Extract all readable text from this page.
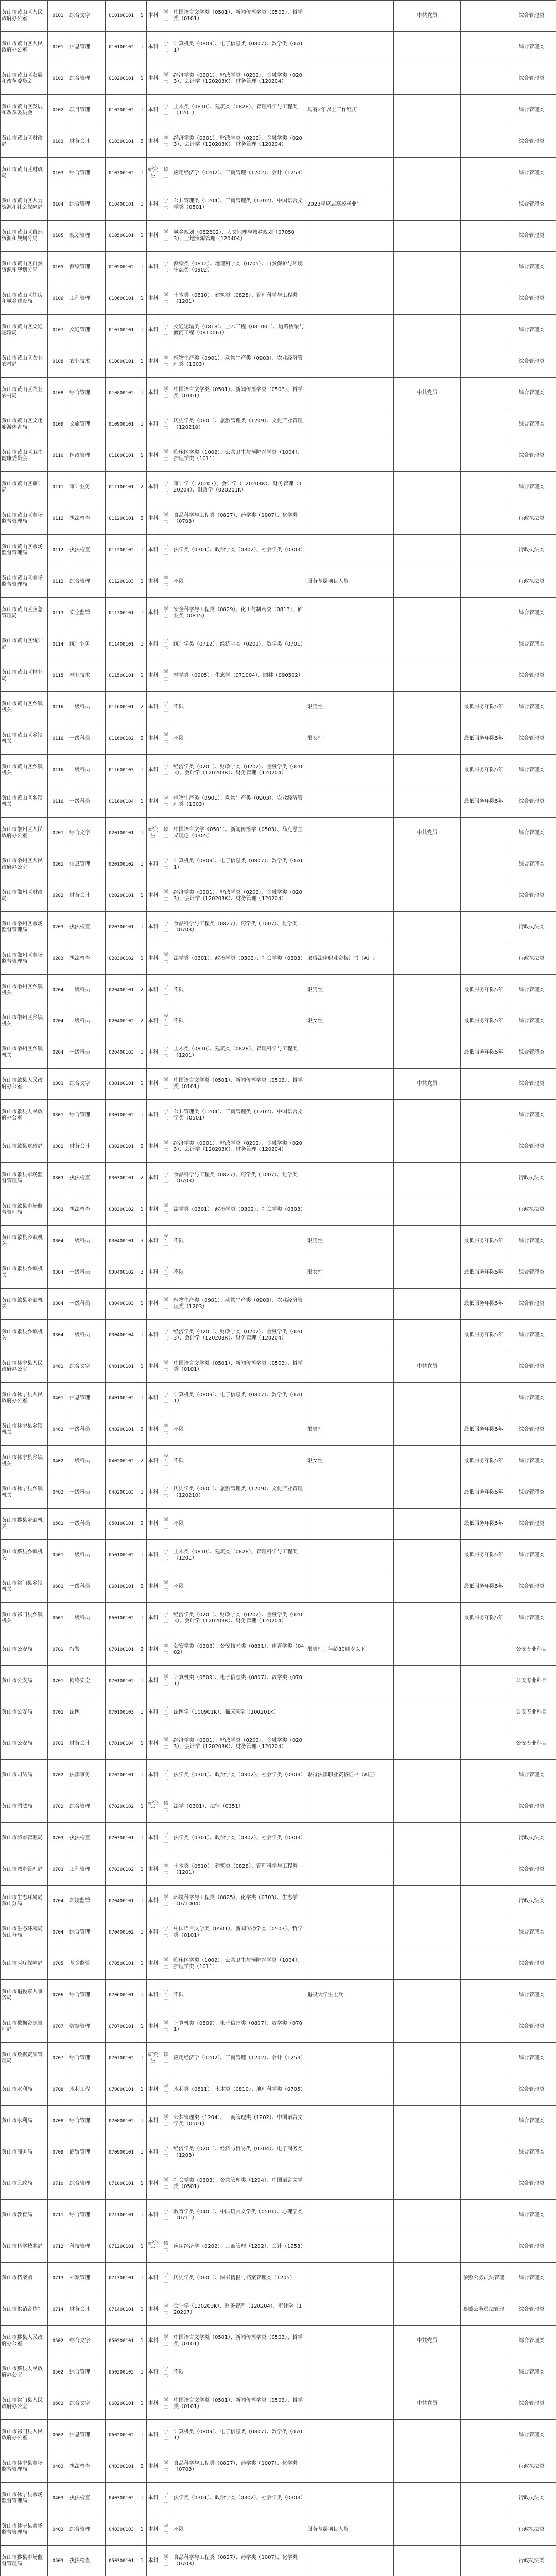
黄山市黄山区人民政府办公室	0101	综合文字	010100101	1	本科	学士	中国语言文学类（0501）、新闻传播学类（0503）、哲学类（0101）		中共党员		综合管理类
黄山市黄山区人民政府办公室	0101	信息管理	010100102	1	本科	学士	计算机类（0809）、电子信息类（0807）、数学类（0701）				综合管理类
黄山市黄山区发展和改革委员会	0102	综合管理	010200101	1	本科	学士	经济学类（0201）、财政学类（0202）、金融学类（0203）、会计学（120203K）、财务管理（120204）				综合管理类
黄山市黄山区发展和改革委员会	0102	项目管理	010200102	1	本科	学士	土木类（0810）、建筑类（0828）、管理科学与工程类（1201）	具有2年以上工作经历			综合管理类
黄山市黄山区财政局	0103	财务会计	010300101	2	本科	学士	经济学类（0201）、财政学类（0202）、金融学类（0203）、会计学（120203K）、财务管理（120204）				综合管理类
黄山市黄山区财政局	0103	综合管理	010300102	1	研究生	硕士	应用经济学（0202）、工商管理（1202）、会计（1253）				综合管理类
黄山市黄山区人力资源和社会保障局	0104	综合管理	010400101	1	本科	学士	公共管理类（1204）、工商管理类（1202）、中国语言文学类（0501）	2023年应届高校毕业生			综合管理类
黄山市黄山区自然资源和规划分局	0105	规划管理	010500101	1	本科	学士	城乡规划（082802）、人文地理与城乡规划（070503）、土地资源管理（120404）				综合管理类
黄山市黄山区自然资源和规划分局	0105	测绘管理	010500102	1	本科	学士	测绘类（0812）、地理科学类（0705）、自然保护与环境生态类（0902）				综合管理类
黄山市黄山区住房和城乡建设局	0106	工程管理	010600101	1	本科	学士	土木类（0810）、建筑类（0828）、管理科学与工程类（1201）				综合管理类
黄山市黄山区交通运输局	0107	交通管理	010700101	1	本科	学士	交通运输类（0818）、土木工程（081001）、道路桥梁与渡河工程（081006T）				综合管理类
黄山市黄山区农业农村局	0108	农业技术	010800101	1	本科	学士	植物生产类（0901）、动物生产类（0903）、农业经济管理类（1203）				综合管理类
黄山市黄山区农业农村局	0108	综合管理	010800102	1	本科	学士	中国语言文学类（0501）、新闻传播学类（0503）、哲学类（0101）		中共党员		综合管理类
黄山市黄山区文化旅游体育局	0109	文旅管理	010900101	1	本科	学士	历史学类（0601）、旅游管理类（1209）、文化产业管理（120210）				综合管理类
黄山市黄山区卫生健康委员会	0110	医政管理	011000101	1	本科	学士	临床医学类（1002）、公共卫生与预防医学类（1004）、护理学类（1011）				综合管理类
黄山市黄山区审计局	0111	审计业务	011100101	2	本科	学士	审计学（120207）、会计学（120203K）、财务管理（120204）、财政学（020201K）				综合管理类
黄山市黄山区市场监督管理局	0112	执法检查	011200101	2	本科	学士	食品科学与工程类（0827）、药学类（1007）、化学类（0703）				行政执法类
黄山市黄山区市场监督管理局	0112	执法检查	011200102	1	本科	学士	法学类（0301）、政治学类（0302）、社会学类（0303）				行政执法类
黄山市黄山区市场监督管理局	0112	综合管理	011200103	1	本科	学士	不限	服务基层项目人员			行政执法类
黄山市黄山区应急管理局	0113	安全监管	011300101	1	本科	学士	安全科学与工程类（0829）、化工与制药类（0813）、矿业类（0815）				综合管理类
黄山市黄山区统计局	0114	统计业务	011400101	1	本科	学士	统计学类（0712）、经济学类（0201）、数学类（0701）				综合管理类
黄山市黄山区林业局	0115	林业技术	011500101	1	本科	学士	林学类（0905）、生态学（071004）、园林（090502）				综合管理类
黄山市黄山区乡镇机关	0116	一级科员	011600101	2	本科	学士	不限	限男性		最低服务年限5年	综合管理类
黄山市黄山区乡镇机关	0116	一级科员	011600102	2	本科	学士	不限	限女性		最低服务年限5年	综合管理类
黄山市黄山区乡镇机关	0116	一级科员	011600103	1	本科	学士	经济学类（0201）、财政学类（0202）、金融学类（0203）、会计学（120203K）、财务管理（120204）			最低服务年限5年	综合管理类
黄山市黄山区乡镇机关	0116	一级科员	011600104	1	本科	学士	植物生产类（0901）、动物生产类（0903）、农业经济管理类（1203）			最低服务年限5年	综合管理类
黄山市徽州区人民政府办公室	0201	综合文字	020100101	1	研究生	硕士	中国语言文学（0501）、新闻传播学（0503）、马克思主义理论（0305）		中共党员		综合管理类
黄山市徽州区人民政府办公室	0201	信息管理	020100102	1	本科	学士	计算机类（0809）、电子信息类（0807）、数学类（0701）				综合管理类
黄山市徽州区财政局	0202	财务会计	020200101	1	本科	学士	经济学类（0201）、财政学类（0202）、金融学类（0203）、会计学（120203K）、财务管理（120204）				综合管理类
黄山市徽州区市场监督管理局	0203	执法检查	020300101	1	本科	学士	食品科学与工程类（0827）、药学类（1007）、化学类（0703）				行政执法类
黄山市徽州区市场监督管理局	0203	执法检查	020300102	1	本科	学士	法学类（0301）、政治学类（0302）、社会学类（0303）	取得法律职业资格证书（A证）			行政执法类
黄山市徽州区乡镇机关	0204	一级科员	020400101	2	本科	学士	不限	限男性		最低服务年限5年	综合管理类
黄山市徽州区乡镇机关	0204	一级科员	020400102	2	本科	学士	不限	限女性		最低服务年限5年	综合管理类
黄山市徽州区乡镇机关	0204	一级科员	020400103	1	本科	学士	土木类（0810）、建筑类（0828）、管理科学与工程类（1201）			最低服务年限5年	综合管理类
黄山市歙县人民政府办公室	0301	综合文字	030100101	1	本科	学士	中国语言文学类（0501）、新闻传播学类（0503）、哲学类（0101）		中共党员		综合管理类
黄山市歙县人民政府办公室	0301	综合管理	030100102	1	本科	学士	公共管理类（1204）、工商管理类（1202）、中国语言文学类（0501）				综合管理类
黄山市歙县财政局	0302	财务会计	030200101	2	本科	学士	经济学类（0201）、财政学类（0202）、金融学类（0203）、会计学（120203K）、财务管理（120204）				综合管理类
黄山市歙县市场监督管理局	0303	执法检查	030300101	2	本科	学士	食品科学与工程类（0827）、药学类（1007）、化学类（0703）				行政执法类
黄山市歙县市场监督管理局	0303	执法检查	030300102	1	本科	学士	法学类（0301）、政治学类（0302）、社会学类（0303）				行政执法类
黄山市歙县乡镇机关	0304	一级科员	030400101	3	本科	学士	不限	限男性		最低服务年限5年	综合管理类
黄山市歙县乡镇机关	0304	一级科员	030400102	3	本科	学士	不限	限女性		最低服务年限5年	综合管理类
黄山市歙县乡镇机关	0304	一级科员	030400103	1	本科	学士	植物生产类（0901）、动物生产类（0903）、农业经济管理类（1203）			最低服务年限5年	综合管理类
黄山市歙县乡镇机关	0304	一级科员	030400104	1	本科	学士	经济学类（0201）、财政学类（0202）、金融学类（0203）、会计学（120203K）、财务管理（120204）			最低服务年限5年	综合管理类
黄山市休宁县人民政府办公室	0401	综合文字	040100101	1	本科	学士	中国语言文学类（0501）、新闻传播学类（0503）、哲学类（0101）		中共党员		综合管理类
黄山市休宁县人民政府办公室	0401	信息管理	040100102	1	本科	学士	计算机类（0809）、电子信息类（0807）、数学类（0701）				综合管理类
黄山市休宁县乡镇机关	0402	一级科员	040200101	2	本科	学士	不限	限男性		最低服务年限5年	综合管理类
黄山市休宁县乡镇机关	0402	一级科员	040200102	2	本科	学士	不限	限女性		最低服务年限5年	综合管理类
黄山市休宁县乡镇机关	0402	一级科员	040200103	1	本科	学士	历史学类（0601）、旅游管理类（1209）、文化产业管理（120210）			最低服务年限5年	综合管理类
黄山市黟县乡镇机关	0501	一级科员	050100101	2	本科	学士	不限			最低服务年限5年	综合管理类
黄山市黟县乡镇机关	0501	一级科员	050100102	1	本科	学士	土木类（0810）、建筑类（0828）、管理科学与工程类（1201）			最低服务年限5年	综合管理类
黄山市祁门县乡镇机关	0601	一级科员	060100101	2	本科	学士	不限			最低服务年限5年	综合管理类
黄山市祁门县乡镇机关	0601	一级科员	060100102	1	本科	学士	经济学类（0201）、财政学类（0202）、金融学类（0203）、会计学（120203K）、财务管理（120204）			最低服务年限5年	综合管理类
黄山市公安局	0701	特警	070100101	2	本科	学士	公安学类（0306）、公安技术类（0831）、体育学类（0402）	限男性；年龄30周岁以下			公安专业科目
黄山市公安局	0701	网络安全	070100102	1	本科	学士	计算机类（0809）、电子信息类（0807）、数学类（0701）				公安专业科目
黄山市公安局	0701	法医	070100103	1	本科	学士	法医学（100901K）、临床医学（100201K）				公安专业科目
黄山市公安局	0701	财务会计	070100104	1	本科	学士	经济学类（0201）、财政学类（0202）、金融学类（0203）、会计学（120203K）、财务管理（120204）				公安专业科目
黄山市司法局	0702	法律事务	070200101	1	本科	学士	法学类（0301）、政治学类（0302）、社会学类（0303）	取得法律职业资格证书（A证）			综合管理类
黄山市司法局	0702	综合管理	070200102	1	研究生	硕士	法学（0301）、法律（0351）				综合管理类
黄山市城市管理局	0703	执法检查	070300101	1	本科	学士	法学类（0301）、政治学类（0302）、社会学类（0303）				行政执法类
黄山市城市管理局	0703	工程管理	070300102	1	本科	学士	土木类（0810）、建筑类（0828）、管理科学与工程类（1201）				综合管理类
黄山市生态环境局黄山分局	0704	环境监管	070400101	1	本科	学士	环境科学与工程类（0825）、化学类（0703）、生态学（071004）				行政执法类
黄山市生态环境局黄山分局	0704	综合管理	070400102	1	本科	学士	中国语言文学类（0501）、新闻传播学类（0503）、哲学类（0101）				综合管理类
黄山市医疗保障局	0705	基金监管	070500101	1	本科	学士	临床医学类（1002）、公共卫生与预防医学类（1004）、护理学类（1011）				综合管理类
黄山市退役军人事务局	0706	综合管理	070600101	1	本科	学士	不限	退役大学生士兵			综合管理类
黄山市数据资源管理局	0707	数据管理	070700101	1	本科	学士	计算机类（0809）、电子信息类（0807）、数学类（0701）				综合管理类
黄山市数据资源管理局	0707	综合管理	070700102	1	研究生	硕士	应用经济学（0202）、工商管理（1202）、会计（1253）				综合管理类
黄山市水利局	0708	水利工程	070800101	1	本科	学士	水利类（0811）、土木类（0810）、地理科学类（0705）				综合管理类
黄山市水利局	0708	综合管理	070800102	1	本科	学士	公共管理类（1204）、工商管理类（1202）、中国语言文学类（0501）				综合管理类
黄山市商务局	0709	商贸管理	070900101	1	本科	学士	经济学类（0201）、经济与贸易类（0204）、电子商务类（1208）				综合管理类
黄山市民政局	0710	综合管理	071000101	1	本科	学士	社会学类（0303）、公共管理类（1204）、中国语言文学类（0501）				综合管理类
黄山市教育局	0711	综合管理	071100101	1	本科	学士	教育学类（0401）、中国语言文学类（0501）、心理学类（0711）				综合管理类
黄山市科学技术局	0712	科技管理	071200101	1	研究生	硕士	应用经济学（0202）、工商管理（1202）、会计（1253）				综合管理类
黄山市档案馆	0713	档案管理	071300101	1	本科	学士	历史学类（0601）、图书情报与档案管理类（1205）			参照公务员法管理	综合管理类
黄山市供销合作社	0714	财务会计	071400101	1	本科	学士	会计学（120203K）、财务管理（120204）、审计学（120207）			参照公务员法管理	综合管理类
黄山市黟县人民政府办公室	0502	综合文字	050200101	1	本科	学士	中国语言文学类（0501）、新闻传播学类（0503）、哲学类（0101）		中共党员		综合管理类
黄山市黟县人民政府办公室	0502	综合管理	050200102	1	本科	学士	不限				综合管理类
黄山市祁门县人民政府办公室	0602	综合文字	060200101	1	本科	学士	中国语言文学类（0501）、新闻传播学类（0503）、哲学类（0101）		中共党员		综合管理类
黄山市祁门县人民政府办公室	0602	信息管理	060200102	1	本科	学士	计算机类（0809）、电子信息类（0807）、数学类（0701）				综合管理类
黄山市休宁县市场监督管理局	0403	执法检查	040300101	2	本科	学士	食品科学与工程类（0827）、药学类（1007）、化学类（0703）				行政执法类
黄山市休宁县市场监督管理局	0403	执法检查	040300102	1	本科	学士	法学类（0301）、政治学类（0302）、社会学类（0303）				行政执法类
黄山市休宁县市场监督管理局	0403	综合管理	040300103	1	本科	学士	不限	服务基层项目人员			行政执法类
黄山市黟县市场监督管理局	0503	执法检查	050300101	1	本科	学士	食品科学与工程类（0827）、药学类（1007）、化学类（0703）				行政执法类
